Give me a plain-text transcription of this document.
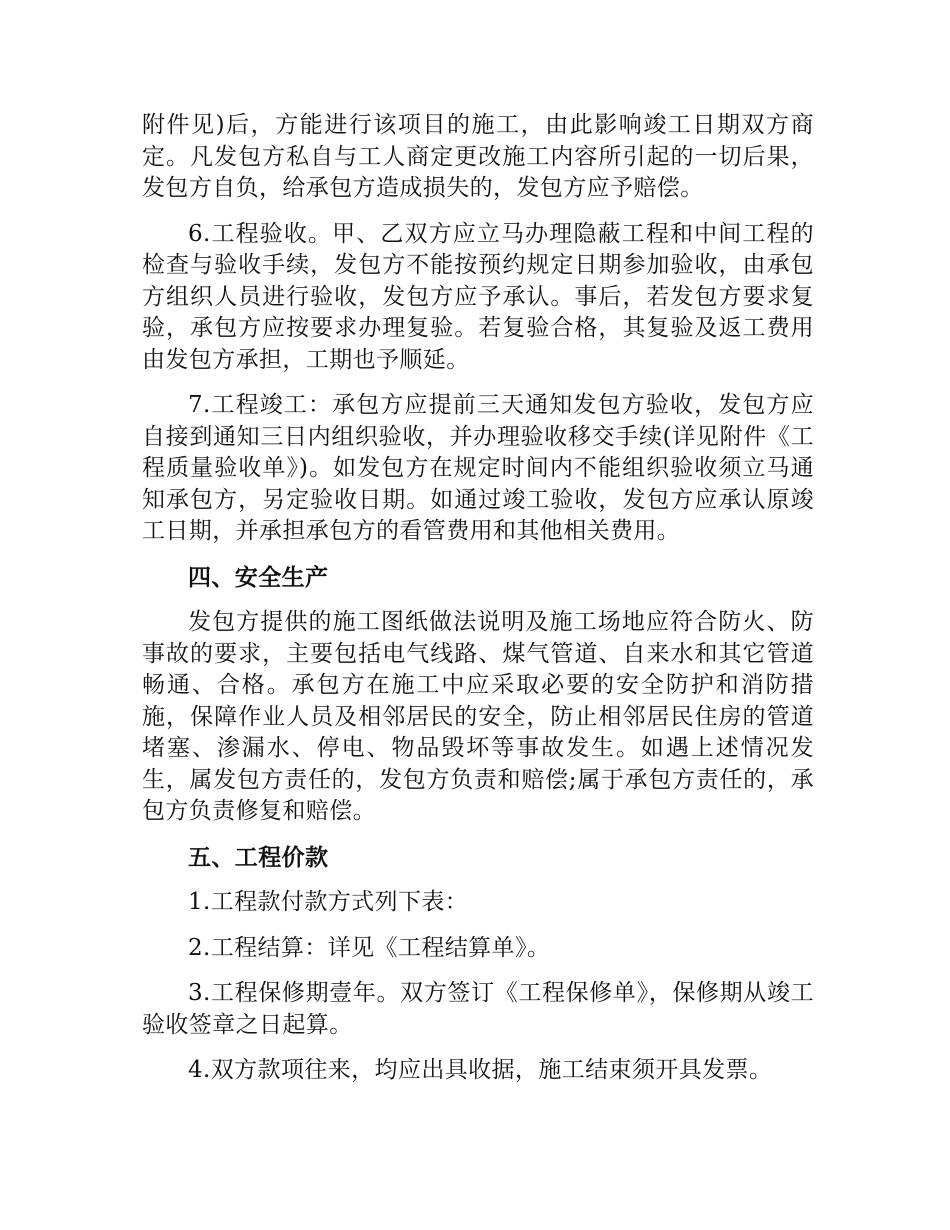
附件见)后，方能进行该项目的施工，由此影响竣工日期双方商定。凡发包方私自与工人商定更改施工内容所引起的一切后果，发包方自负，给承包方造成损失的，发包方应予赔偿。

6.工程验收。甲、乙双方应立马办理隐蔽工程和中间工程的检查与验收手续，发包方不能按预约规定日期参加验收，由承包方组织人员进行验收，发包方应予承认。事后，若发包方要求复验，承包方应按要求办理复验。若复验合格，其复验及返工费用由发包方承担，工期也予顺延。

7.工程竣工：承包方应提前三天通知发包方验收，发包方应自接到通知三日内组织验收，并办理验收移交手续(详见附件《工程质量验收单》)。如发包方在规定时间内不能组织验收须立马通知承包方，另定验收日期。如通过竣工验收，发包方应承认原竣工日期，并承担承包方的看管费用和其他相关费用。

四、安全生产

发包方提供的施工图纸做法说明及施工场地应符合防火、防事故的要求，主要包括电气线路、煤气管道、自来水和其它管道畅通、合格。承包方在施工中应采取必要的安全防护和消防措施，保障作业人员及相邻居民的安全，防止相邻居民住房的管道堵塞、渗漏水、停电、物品毁坏等事故发生。如遇上述情况发生，属发包方责任的，发包方负责和赔偿;属于承包方责任的，承包方负责修复和赔偿。

五、工程价款

1.工程款付款方式列下表：

2.工程结算：详见《工程结算单》。

3.工程保修期壹年。双方签订《工程保修单》，保修期从竣工验收签章之日起算。

4.双方款项往来，均应出具收据，施工结束须开具发票。
